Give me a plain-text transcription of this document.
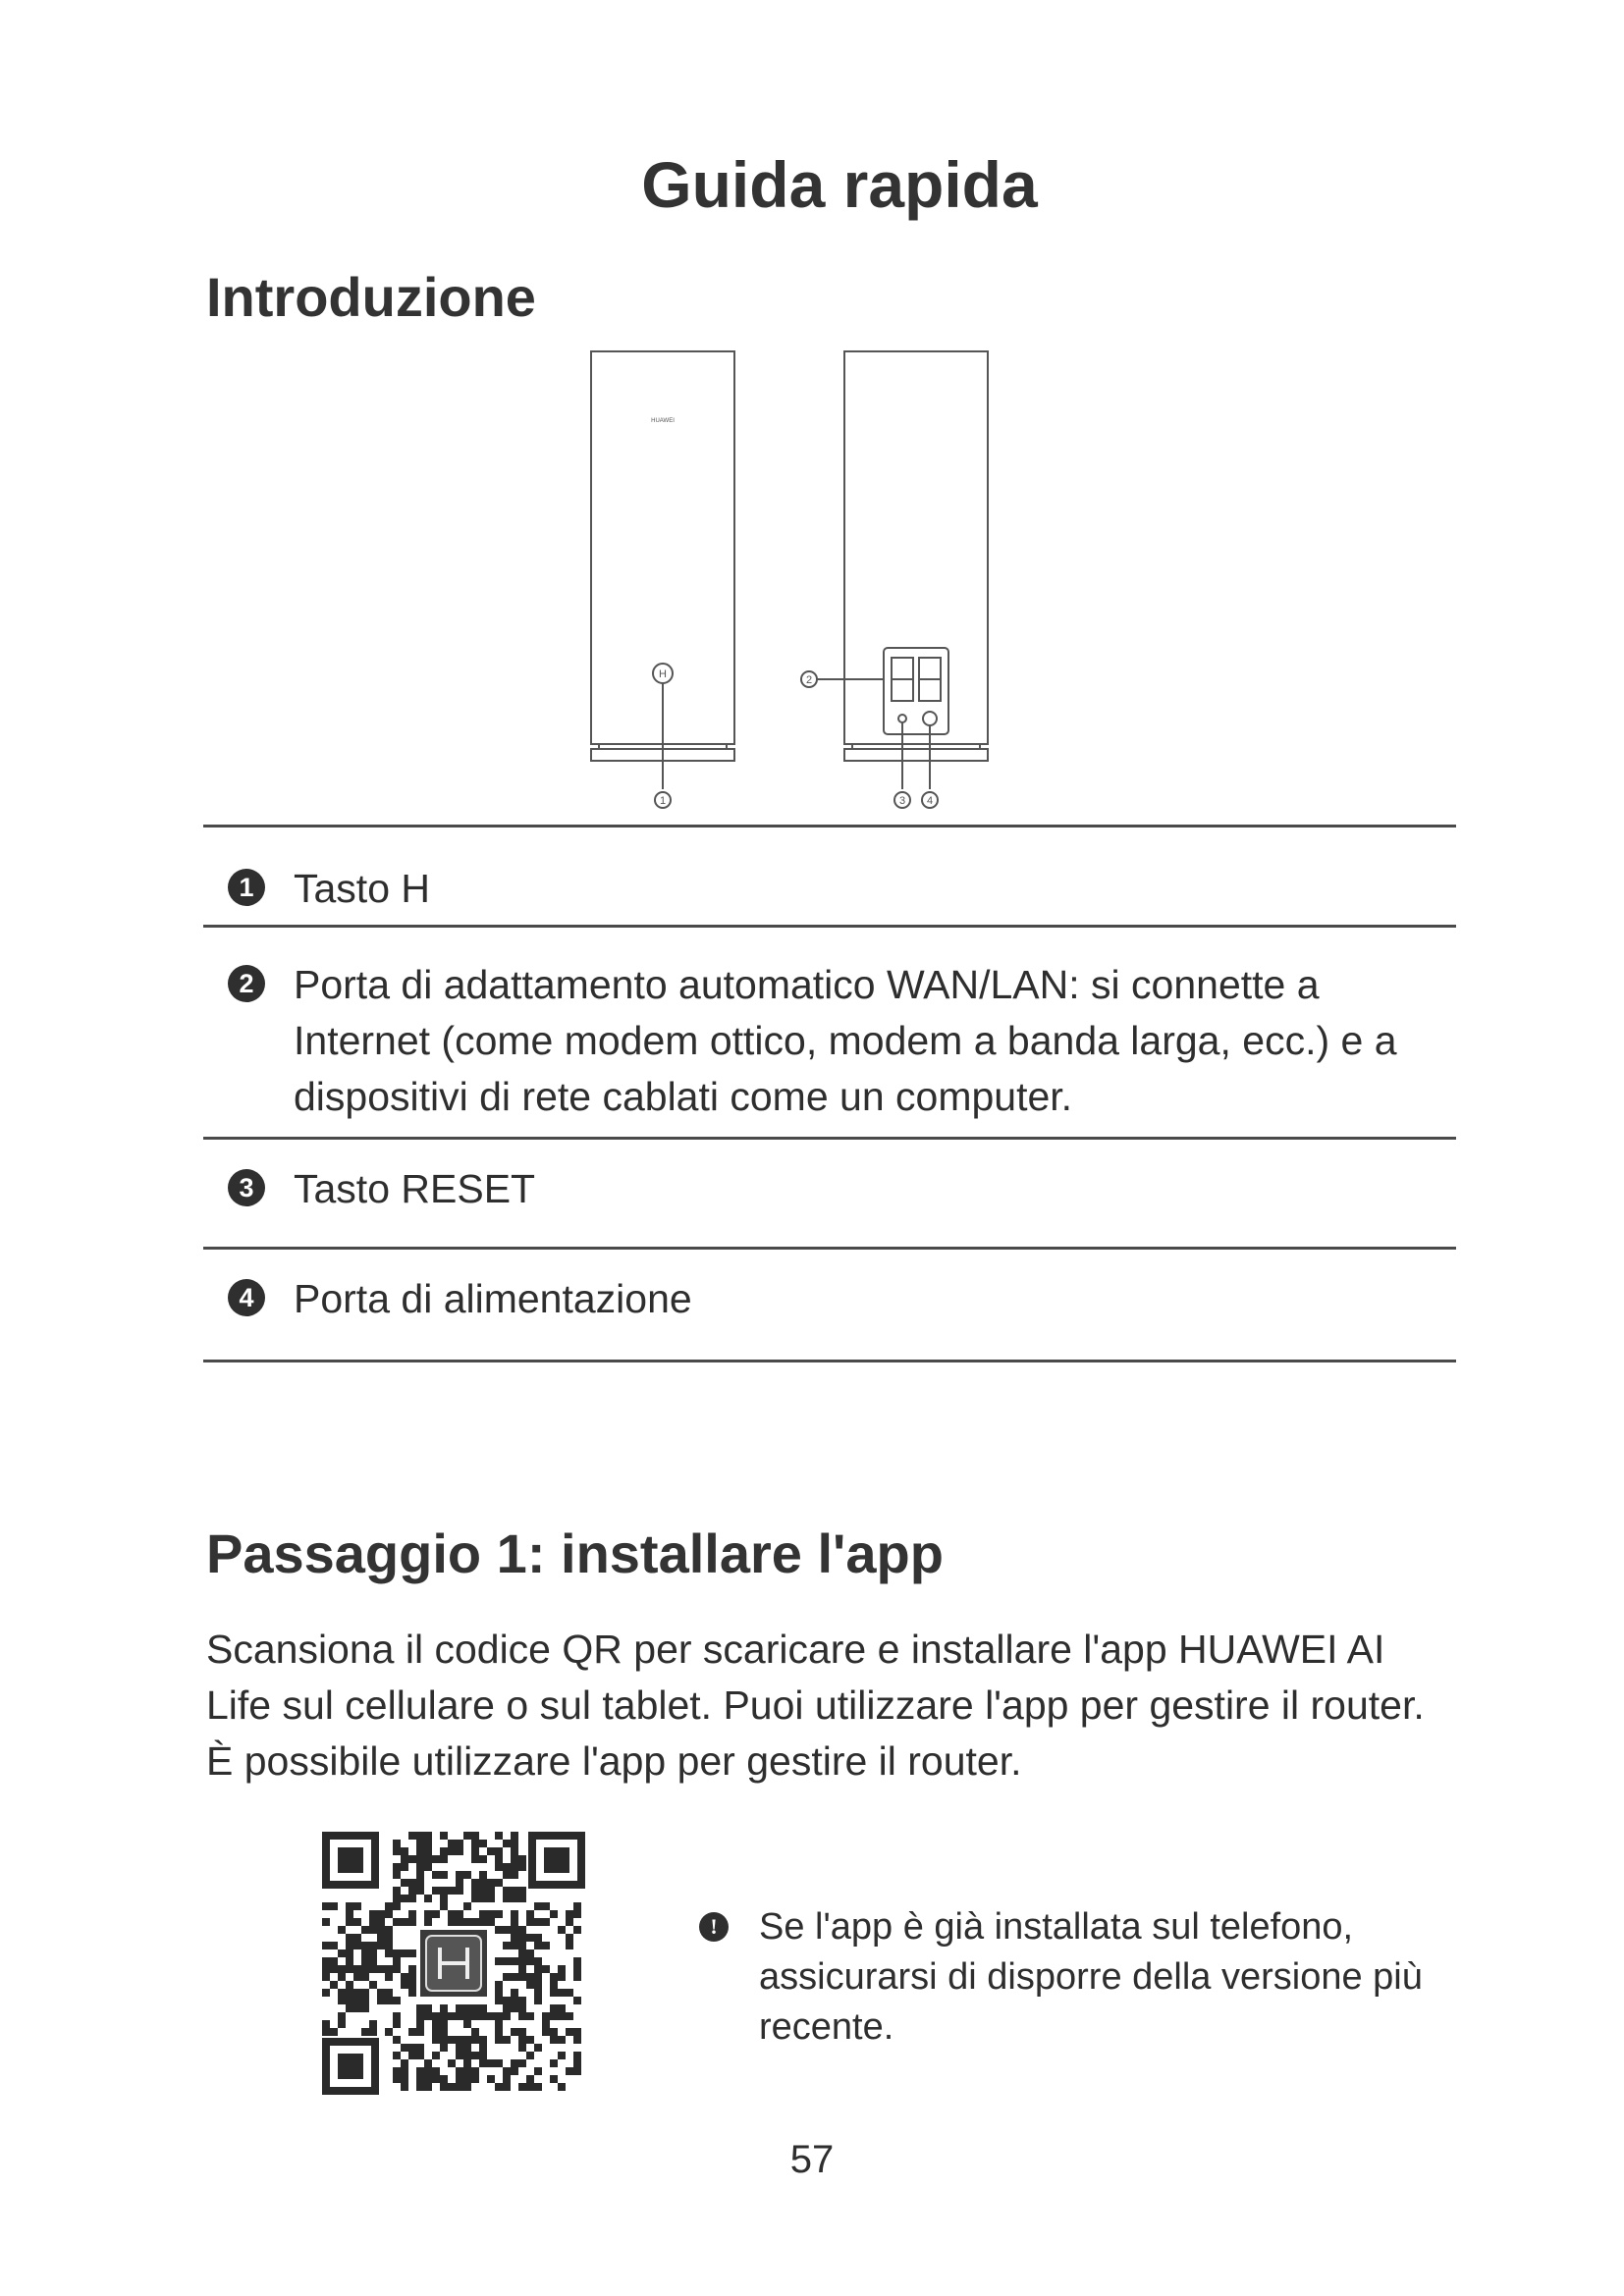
Guida rapida
Introduzione
HUAWEI
H
1
2
3 4
1 Tasto H
2 Porta di adattamento automatico WAN/LAN: si connette a Internet (come modem ottico, modem a banda larga, ecc.) e a dispositivi di rete cablati come un computer.
3 Tasto RESET
4 Porta di alimentazione
Passaggio 1: installare l'app
Scansiona il codice QR per scaricare e installare l'app HUAWEI AI Life sul cellulare o sul tablet. Puoi utilizzare l'app per gestire il router. È possibile utilizzare l'app per gestire il router.
! Se l'app è già installata sul telefono, assicurarsi di disporre della versione più recente.
57
